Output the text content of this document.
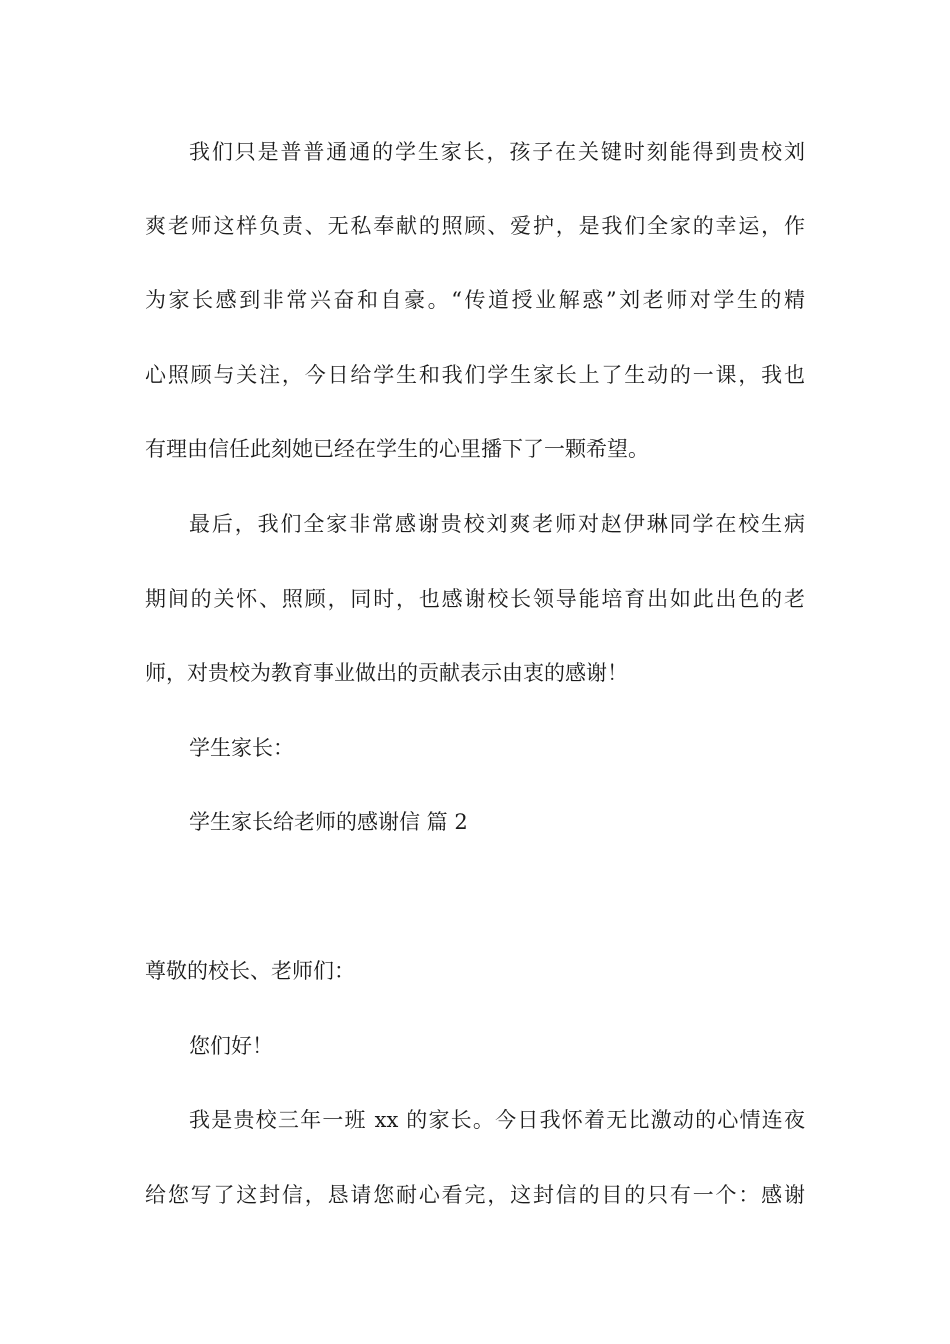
我们只是普普通通的学生家长，孩子在关键时刻能得到贵校刘

爽老师这样负责、无私奉献的照顾、爱护，是我们全家的幸运，作

为家长感到非常兴奋和自豪。“传道授业解惑”刘老师对学生的精

心照顾与关注，今日给学生和我们学生家长上了生动的一课，我也

有理由信任此刻她已经在学生的心里播下了一颗希望。

最后，我们全家非常感谢贵校刘爽老师对赵伊琳同学在校生病

期间的关怀、照顾，同时，也感谢校长领导能培育出如此出色的老

师，对贵校为教育事业做出的贡献表示由衷的感谢！

学生家长：

学生家长给老师的感谢信 篇 2

尊敬的校长、老师们：

您们好！

我是贵校三年一班 xx 的家长。今日我怀着无比激动的心情连夜

给您写了这封信，恳请您耐心看完，这封信的目的只有一个：感谢
